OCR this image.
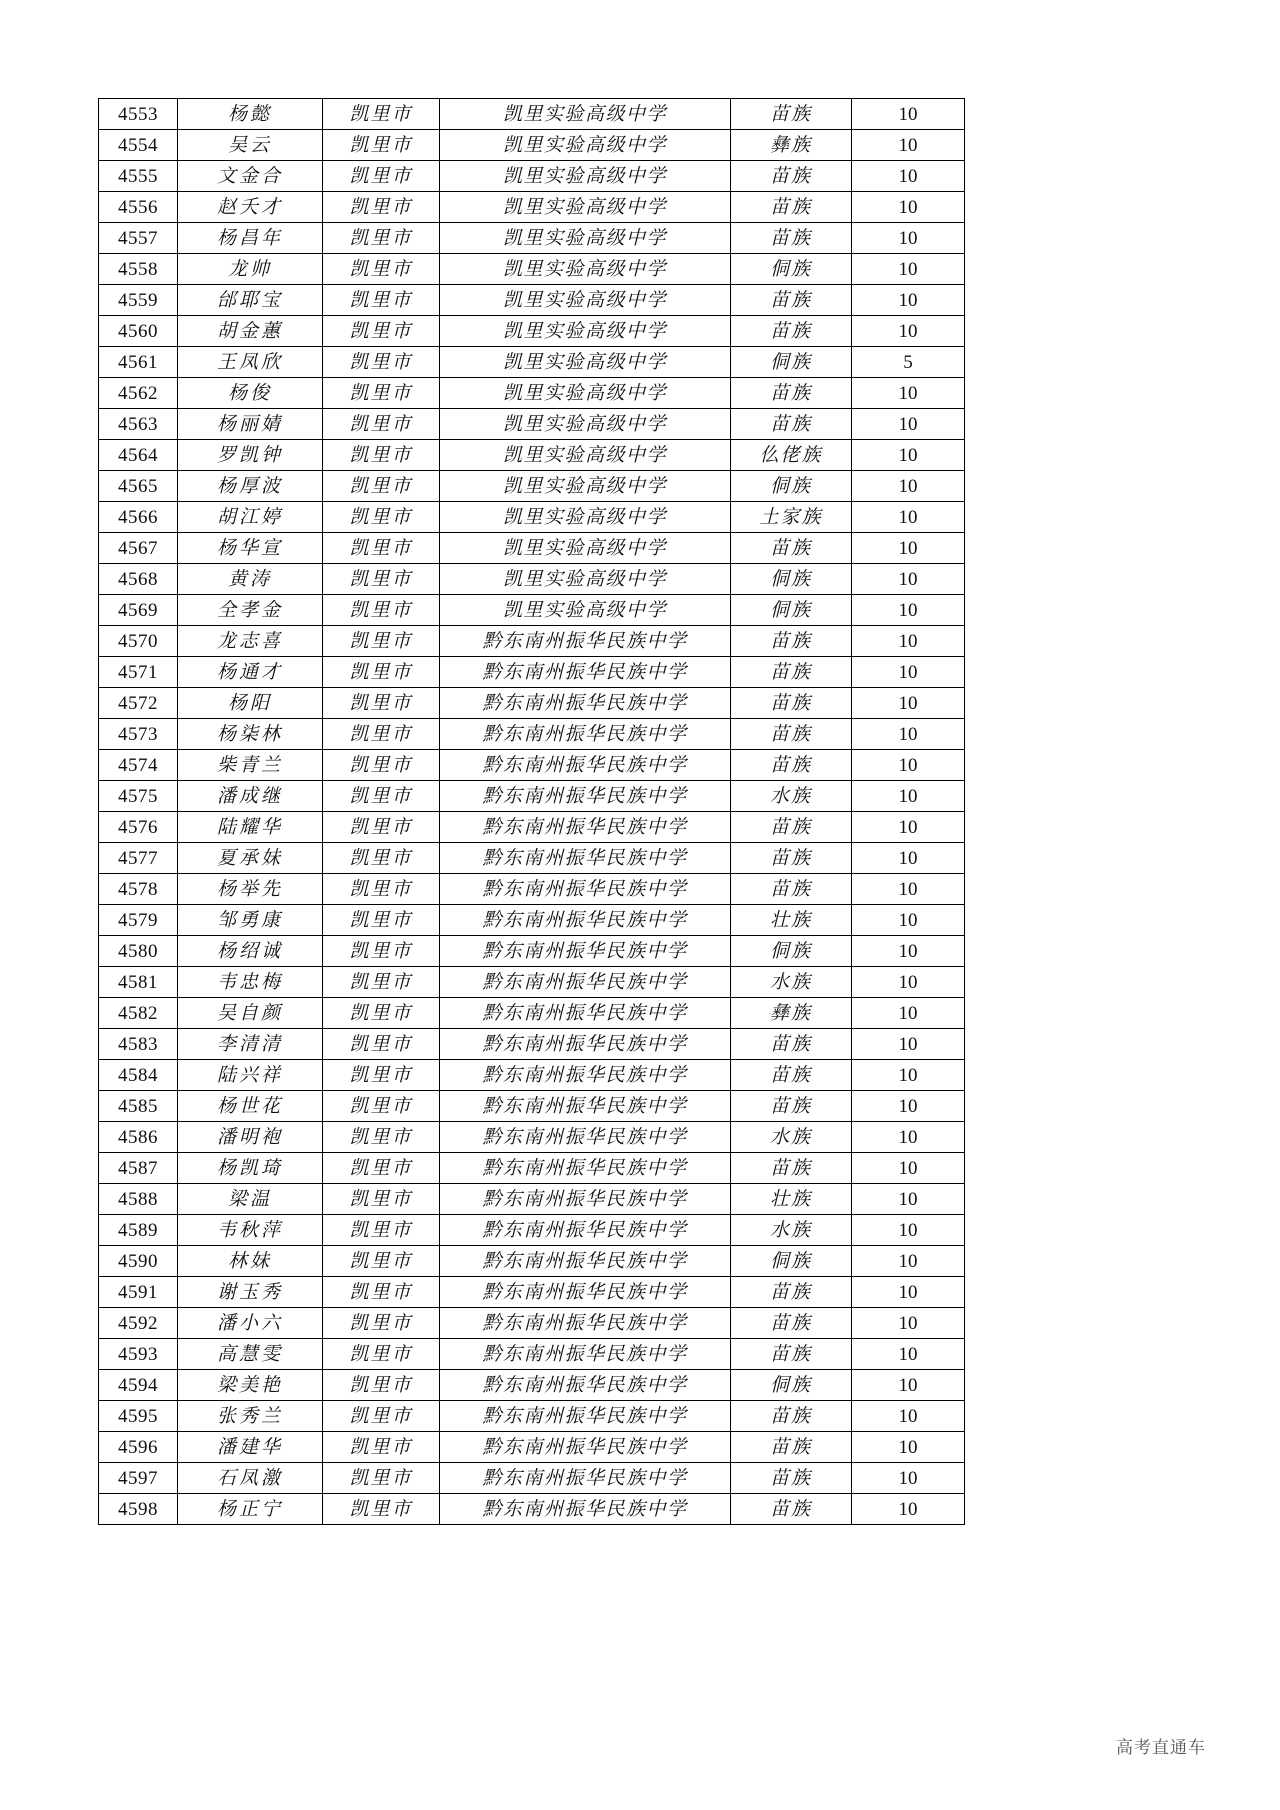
4553	杨懿	凯里市	凯里实验高级中学	苗族	10
4554	吴云	凯里市	凯里实验高级中学	彝族	10
4555	文金合	凯里市	凯里实验高级中学	苗族	10
4556	赵夭才	凯里市	凯里实验高级中学	苗族	10
4557	杨昌年	凯里市	凯里实验高级中学	苗族	10
4558	龙帅	凯里市	凯里实验高级中学	侗族	10
4559	邰耶宝	凯里市	凯里实验高级中学	苗族	10
4560	胡金蕙	凯里市	凯里实验高级中学	苗族	10
4561	王凤欣	凯里市	凯里实验高级中学	侗族	5
4562	杨俊	凯里市	凯里实验高级中学	苗族	10
4563	杨丽婧	凯里市	凯里实验高级中学	苗族	10
4564	罗凯钟	凯里市	凯里实验高级中学	仫佬族	10
4565	杨厚波	凯里市	凯里实验高级中学	侗族	10
4566	胡江婷	凯里市	凯里实验高级中学	土家族	10
4567	杨华宣	凯里市	凯里实验高级中学	苗族	10
4568	黄涛	凯里市	凯里实验高级中学	侗族	10
4569	全孝金	凯里市	凯里实验高级中学	侗族	10
4570	龙志喜	凯里市	黔东南州振华民族中学	苗族	10
4571	杨通才	凯里市	黔东南州振华民族中学	苗族	10
4572	杨阳	凯里市	黔东南州振华民族中学	苗族	10
4573	杨柒林	凯里市	黔东南州振华民族中学	苗族	10
4574	柴青兰	凯里市	黔东南州振华民族中学	苗族	10
4575	潘成继	凯里市	黔东南州振华民族中学	水族	10
4576	陆耀华	凯里市	黔东南州振华民族中学	苗族	10
4577	夏承妹	凯里市	黔东南州振华民族中学	苗族	10
4578	杨举先	凯里市	黔东南州振华民族中学	苗族	10
4579	邹勇康	凯里市	黔东南州振华民族中学	壮族	10
4580	杨绍诚	凯里市	黔东南州振华民族中学	侗族	10
4581	韦忠梅	凯里市	黔东南州振华民族中学	水族	10
4582	吴自颜	凯里市	黔东南州振华民族中学	彝族	10
4583	李清清	凯里市	黔东南州振华民族中学	苗族	10
4584	陆兴祥	凯里市	黔东南州振华民族中学	苗族	10
4585	杨世花	凯里市	黔东南州振华民族中学	苗族	10
4586	潘明袍	凯里市	黔东南州振华民族中学	水族	10
4587	杨凯琦	凯里市	黔东南州振华民族中学	苗族	10
4588	梁温	凯里市	黔东南州振华民族中学	壮族	10
4589	韦秋萍	凯里市	黔东南州振华民族中学	水族	10
4590	林妹	凯里市	黔东南州振华民族中学	侗族	10
4591	谢玉秀	凯里市	黔东南州振华民族中学	苗族	10
4592	潘小六	凯里市	黔东南州振华民族中学	苗族	10
4593	高慧雯	凯里市	黔东南州振华民族中学	苗族	10
4594	梁美艳	凯里市	黔东南州振华民族中学	侗族	10
4595	张秀兰	凯里市	黔东南州振华民族中学	苗族	10
4596	潘建华	凯里市	黔东南州振华民族中学	苗族	10
4597	石凤激	凯里市	黔东南州振华民族中学	苗族	10
4598	杨正宁	凯里市	黔东南州振华民族中学	苗族	10
高考直通车
